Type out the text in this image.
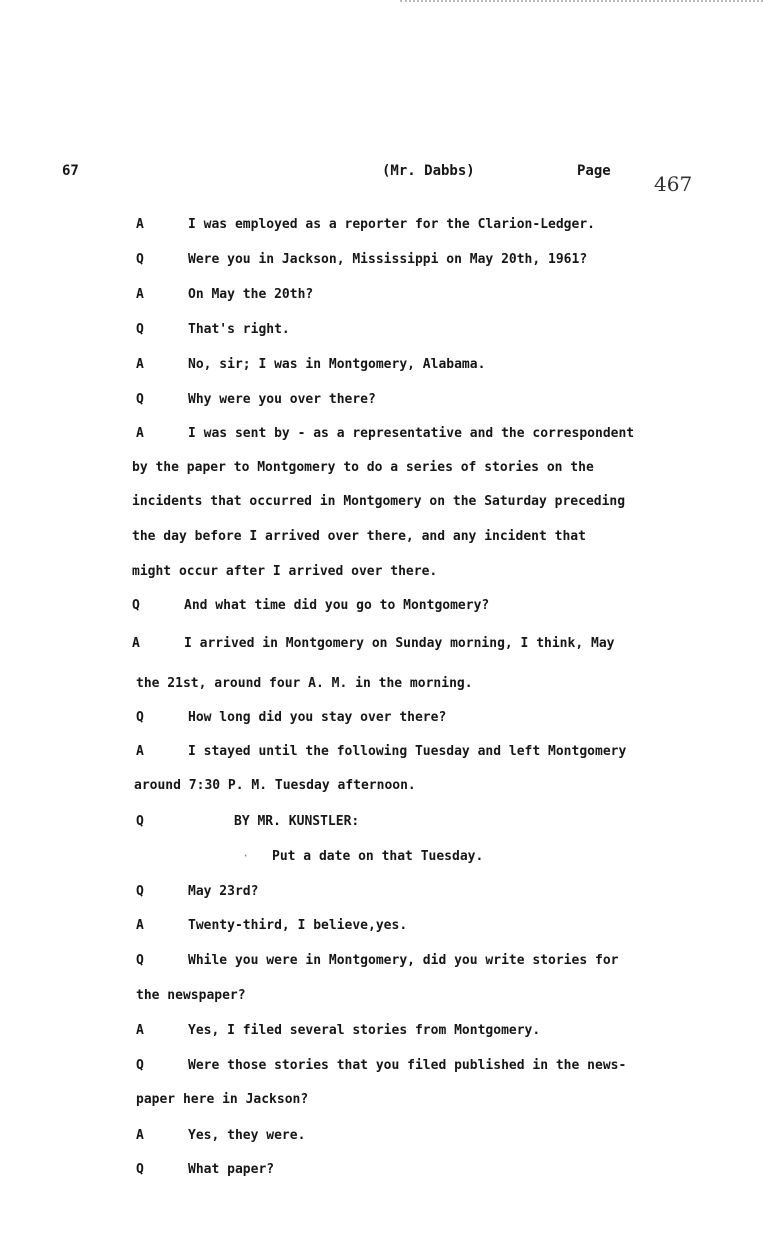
67	(Mr. Dabbs)	Page
467
A	I was employed as a reporter for the Clarion-Ledger.
Q	Were you in Jackson, Mississippi on May 20th, 1961?
A	On May the 20th?
Q	That's right.
A	No, sir; I was in Montgomery, Alabama.
Q	Why were you over there?
A	I was sent by - as a representative and the correspondent
by the paper to Montgomery to do a series of stories on the
incidents that occurred in Montgomery on the Saturday preceding
the day before I arrived over there, and any incident that
might occur after I arrived over there.
Q	And what time did you go to Montgomery?
A	I arrived in Montgomery on Sunday morning, I think, May
the 21st, around four A. M. in the morning.
Q	How long did you stay over there?
A	I stayed until the following Tuesday and left Montgomery
around 7:30 P. M. Tuesday afternoon.
Q	BY MR. KUNSTLER:
Put a date on that Tuesday.
·
Q	May 23rd?
A	Twenty-third, I believe,yes.
Q	While you were in Montgomery, did you write stories for
the newspaper?
A	Yes, I filed several stories from Montgomery.
Q	Were those stories that you filed published in the news-
paper here in Jackson?
A	Yes, they were.
Q	What paper?
